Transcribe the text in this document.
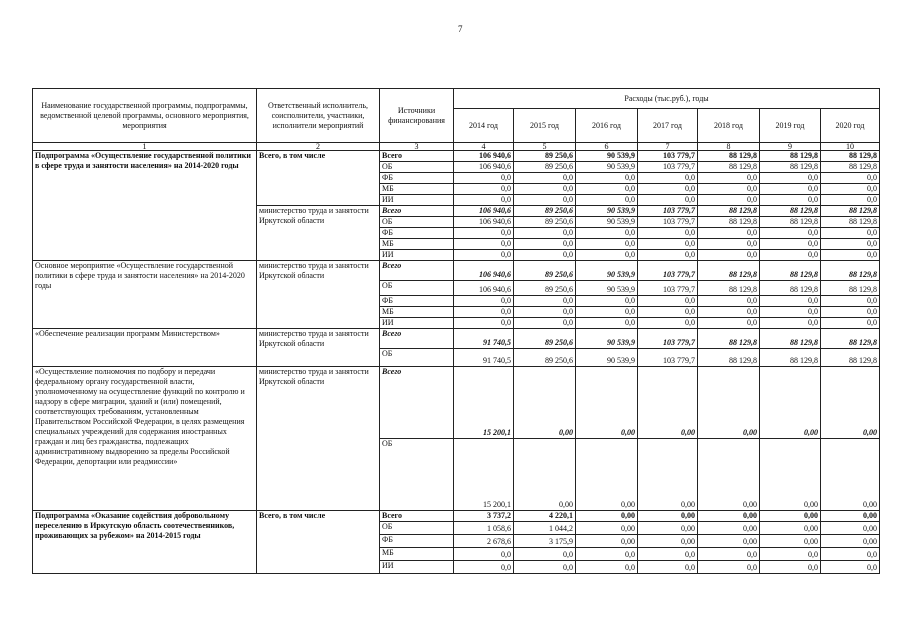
7
Наименование государственной программы, подпрограммы, ведомственной целевой программы, основного мероприятия, мероприятия	Ответственный исполнитель, соисполнители, участники, исполнители мероприятий	Источники финансирования	Расходы (тыс.руб.), годы						
			2014 год	2015 год	2016 год	2017 год	2018 год	2019 год	2020 год
1	2	3	4	5	6	7	8	9	10
Подпрограмма «Осуществление государственной политики в сфере труда и занятости населения» на 2014-2020 годы	Всего, в том числе	Всего	106 940,6	89 250,6	90 539,9	103 779,7	88 129,8	88 129,8	88 129,8
		ОБ	106 940,6	89 250,6	90 539,9	103 779,7	88 129,8	88 129,8	88 129,8
		ФБ	0,0	0,0	0,0	0,0	0,0	0,0	0,0
		МБ	0,0	0,0	0,0	0,0	0,0	0,0	0,0
		ИИ	0,0	0,0	0,0	0,0	0,0	0,0	0,0
	министерство труда и занятости Иркутской области	Всего	106 940,6	89 250,6	90 539,9	103 779,7	88 129,8	88 129,8	88 129,8
		ОБ	106 940,6	89 250,6	90 539,9	103 779,7	88 129,8	88 129,8	88 129,8
		ФБ	0,0	0,0	0,0	0,0	0,0	0,0	0,0
		МБ	0,0	0,0	0,0	0,0	0,0	0,0	0,0
		ИИ	0,0	0,0	0,0	0,0	0,0	0,0	0,0
Основное мероприятие «Осуществление государственной политики в сфере труда и занятости населения» на 2014-2020 годы	министерство труда и занятости Иркутской области	Всего	106 940,6	89 250,6	90 539,9	103 779,7	88 129,8	88 129,8	88 129,8
		ОБ	106 940,6	89 250,6	90 539,9	103 779,7	88 129,8	88 129,8	88 129,8
		ФБ	0,0	0,0	0,0	0,0	0,0	0,0	0,0
		МБ	0,0	0,0	0,0	0,0	0,0	0,0	0,0
		ИИ	0,0	0,0	0,0	0,0	0,0	0,0	0,0
«Обеспечение реализации программ Министерством»	министерство труда и занятости Иркутской области	Всего	91 740,5	89 250,6	90 539,9	103 779,7	88 129,8	88 129,8	88 129,8
		ОБ	91 740,5	89 250,6	90 539,9	103 779,7	88 129,8	88 129,8	88 129,8
«Осуществление полномочия по подбору и передачи федеральному органу государственной власти, уполномоченному на осуществление функций по контролю и надзору в сфере миграции, зданий и (или) помещений, соответствующих требованиям, установленным Правительством Российской Федерации, в целях размещения специальных учреждений для содержания иностранных граждан и лиц без гражданства, подлежащих административному выдворению за пределы Российской Федерации, депортации или реадмиссии»	министерство труда и занятости Иркутской области	Всего	15 200,1	0,00	0,00	0,00	0,00	0,00	0,00
		ОБ	15 200,1	0,00	0,00	0,00	0,00	0,00	0,00
Подпрограмма «Оказание содействия добровольному переселению в Иркутскую область соотечественников, проживающих за рубежом» на 2014-2015 годы	Всего, в том числе	Всего	3 737,2	4 220,1	0,00	0,00	0,00	0,00	0,00
		ОБ	1 058,6	1 044,2	0,00	0,00	0,00	0,00	0,00
		ФБ	2 678,6	3 175,9	0,00	0,00	0,00	0,00	0,00
		МБ	0,0	0,0	0,0	0,0	0,0	0,0	0,0
		ИИ	0,0	0,0	0,0	0,0	0,0	0,0	0,0
